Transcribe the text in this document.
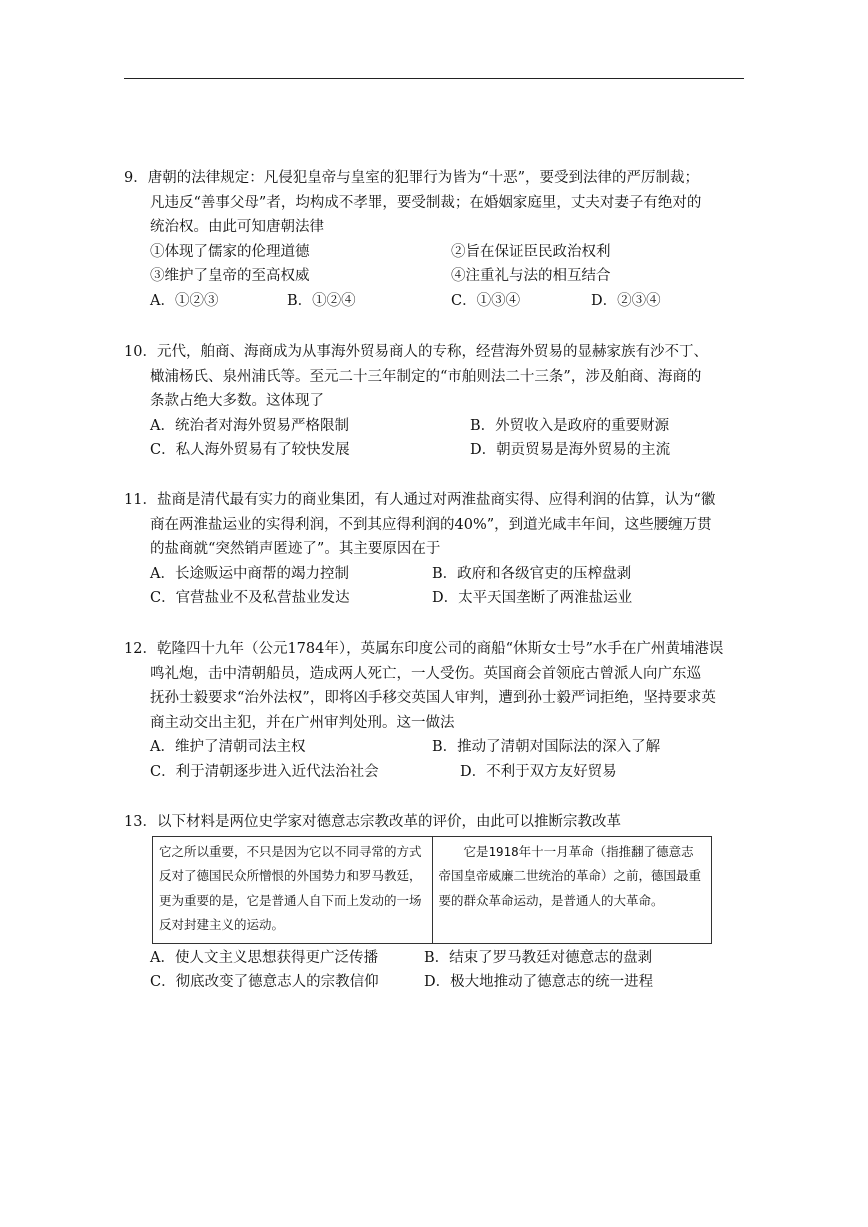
9．唐朝的法律规定：凡侵犯皇帝与皇室的犯罪行为皆为“十恶”，要受到法律的严厉制裁；
凡违反“善事父母”者，均构成不孝罪，要受制裁；在婚姻家庭里，丈夫对妻子有绝对的
统治权。由此可知唐朝法律
①体现了儒家的伦理道德	②旨在保证臣民政治权利
③维护了皇帝的至高权威	④注重礼与法的相互结合
A．①②③	B．①②④	C．①③④	D．②③④
10．元代，舶商、海商成为从事海外贸易商人的专称，经营海外贸易的显赫家族有沙不丁、
橄浦杨氏、泉州浦氏等。至元二十三年制定的“市舶则法二十三条”，涉及舶商、海商的
条款占绝大多数。这体现了
A．统治者对海外贸易严格限制	B．外贸收入是政府的重要财源
C．私人海外贸易有了较快发展	D．朝贡贸易是海外贸易的主流
11．盐商是清代最有实力的商业集团，有人通过对两淮盐商实得、应得利润的估算，认为“徽
商在两淮盐运业的实得利润，不到其应得利润的40%”，到道光咸丰年间，这些腰缠万贯
的盐商就“突然销声匿迹了”。其主要原因在于
A．长途贩运中商帮的竭力控制	B．政府和各级官吏的压榨盘剥
C．官营盐业不及私营盐业发达	D．太平天国垄断了两淮盐运业
12．乾隆四十九年（公元1784年），英属东印度公司的商船“休斯女士号”水手在广州黄埔港误
鸣礼炮，击中清朝船员，造成两人死亡，一人受伤。英国商会首领庇古曾派人向广东巡
抚孙士毅要求“治外法权”，即将凶手移交英国人审判，遭到孙士毅严词拒绝，坚持要求英
商主动交出主犯，并在广州审判处刑。这一做法
A．维护了清朝司法主权	B．推动了清朝对国际法的深入了解
C．利于清朝逐步进入近代法治社会	D．不利于双方友好贸易
13．以下材料是两位史学家对德意志宗教改革的评价，由此可以推断宗教改革
它之所以重要，不只是因为它以不同寻常的方式反对了德国民众所憎恨的外国势力和罗马教廷，更为重要的是，它是普通人自下而上发动的一场反对封建主义的运动。	　　它是1918年十一月革命（指推翻了德意志帝国皇帝威廉二世统治的革命）之前，德国最重要的群众革命运动，是普通人的大革命。
A．使人文主义思想获得更广泛传播	B．结束了罗马教廷对德意志的盘剥
C．彻底改变了德意志人的宗教信仰	D．极大地推动了德意志的统一进程
